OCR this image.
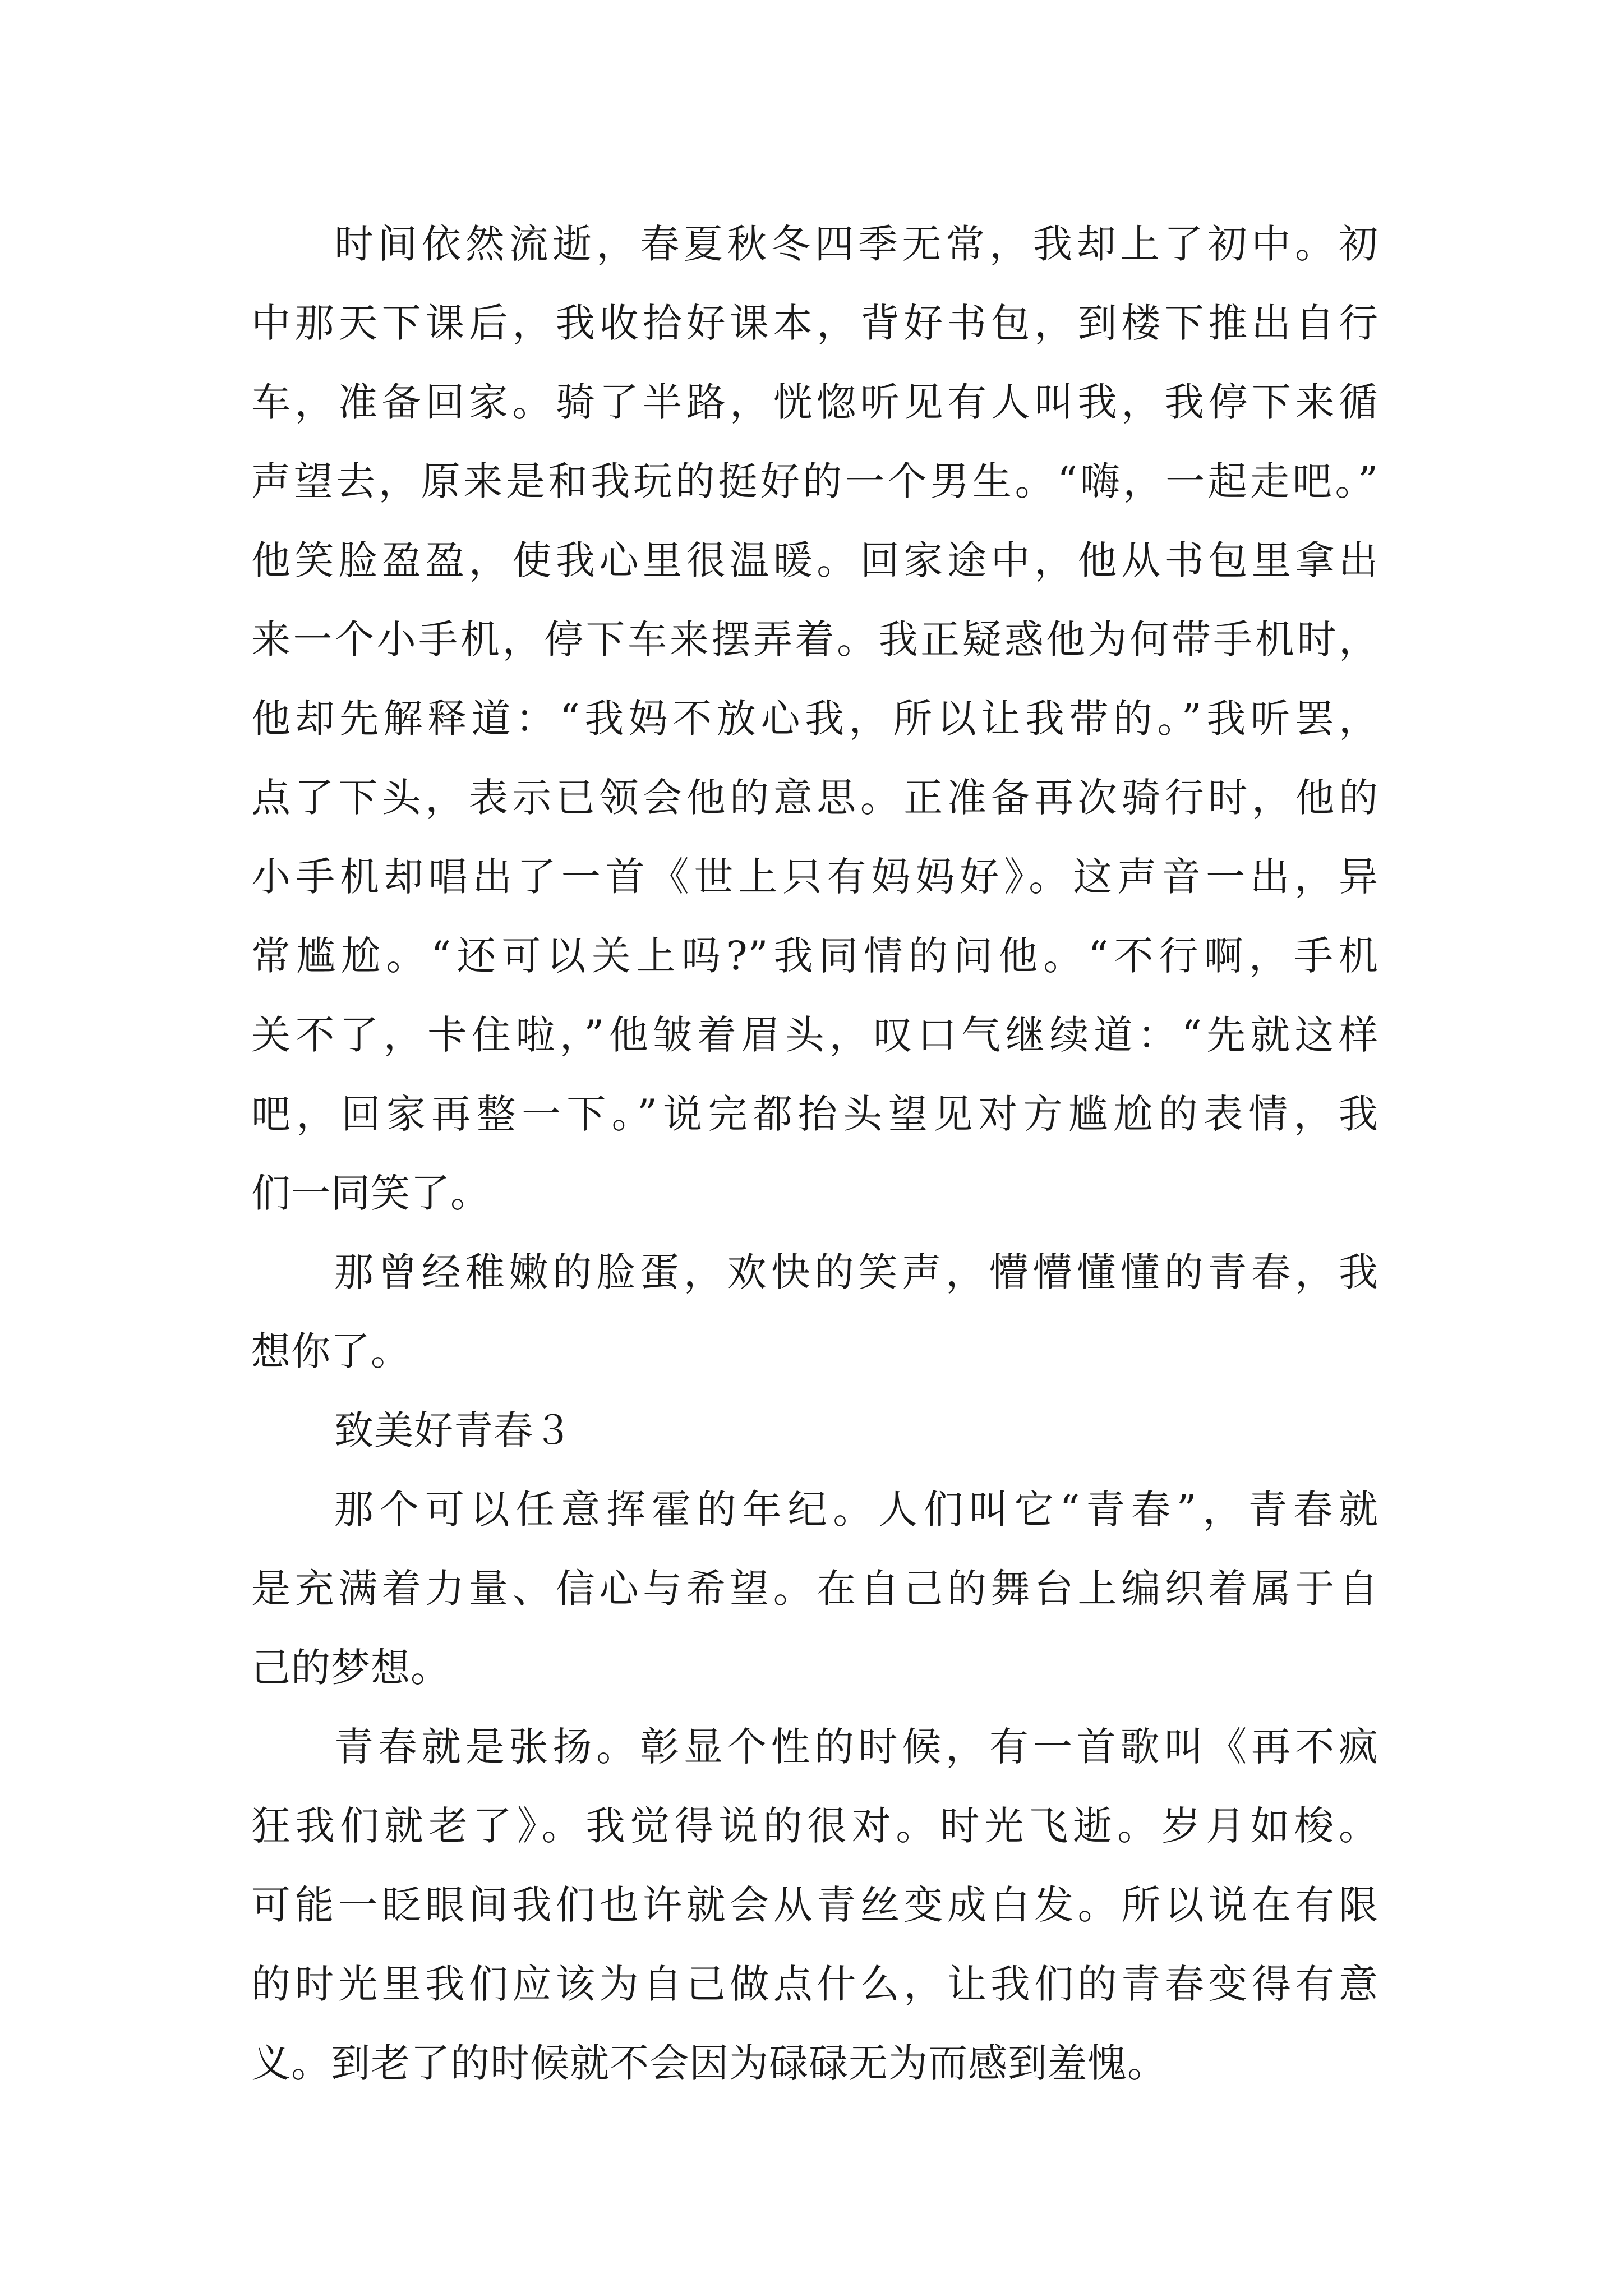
时间依然流逝，春夏秋冬四季无常，我却上了初中。初
中那天下课后，我收拾好课本，背好书包，到楼下推出自行
车，准备回家。骑了半路，恍惚听见有人叫我，我停下来循
声望去，原来是和我玩的挺好的一个男生。“嗨，一起走吧。”
他笑脸盈盈，使我心里很温暖。回家途中，他从书包里拿出
来一个小手机，停下车来摆弄着。我正疑惑他为何带手机时，
他却先解释道：“我妈不放心我，所以让我带的。”我听罢，
点了下头，表示已领会他的意思。正准备再次骑行时，他的
小手机却唱出了一首《世上只有妈妈好》。这声音一出，异
常尴尬。“还可以关上吗?”我同情的问他。“不行啊，手机
关不了，卡住啦，”他皱着眉头，叹口气继续道：“先就这样
吧，回家再整一下。”说完都抬头望见对方尴尬的表情，我
们一同笑了。
那曾经稚嫩的脸蛋，欢快的笑声，懵懵懂懂的青春，我
想你了。
致美好青春３
那个可以任意挥霍的年纪。人们叫它“青春”，青春就
是充满着力量、信心与希望。在自己的舞台上编织着属于自
己的梦想。
青春就是张扬。彰显个性的时候，有一首歌叫《再不疯
狂我们就老了》。我觉得说的很对。时光飞逝。岁月如梭。
可能一眨眼间我们也许就会从青丝变成白发。所以说在有限
的时光里我们应该为自己做点什么，让我们的青春变得有意
义。到老了的时候就不会因为碌碌无为而感到羞愧。
